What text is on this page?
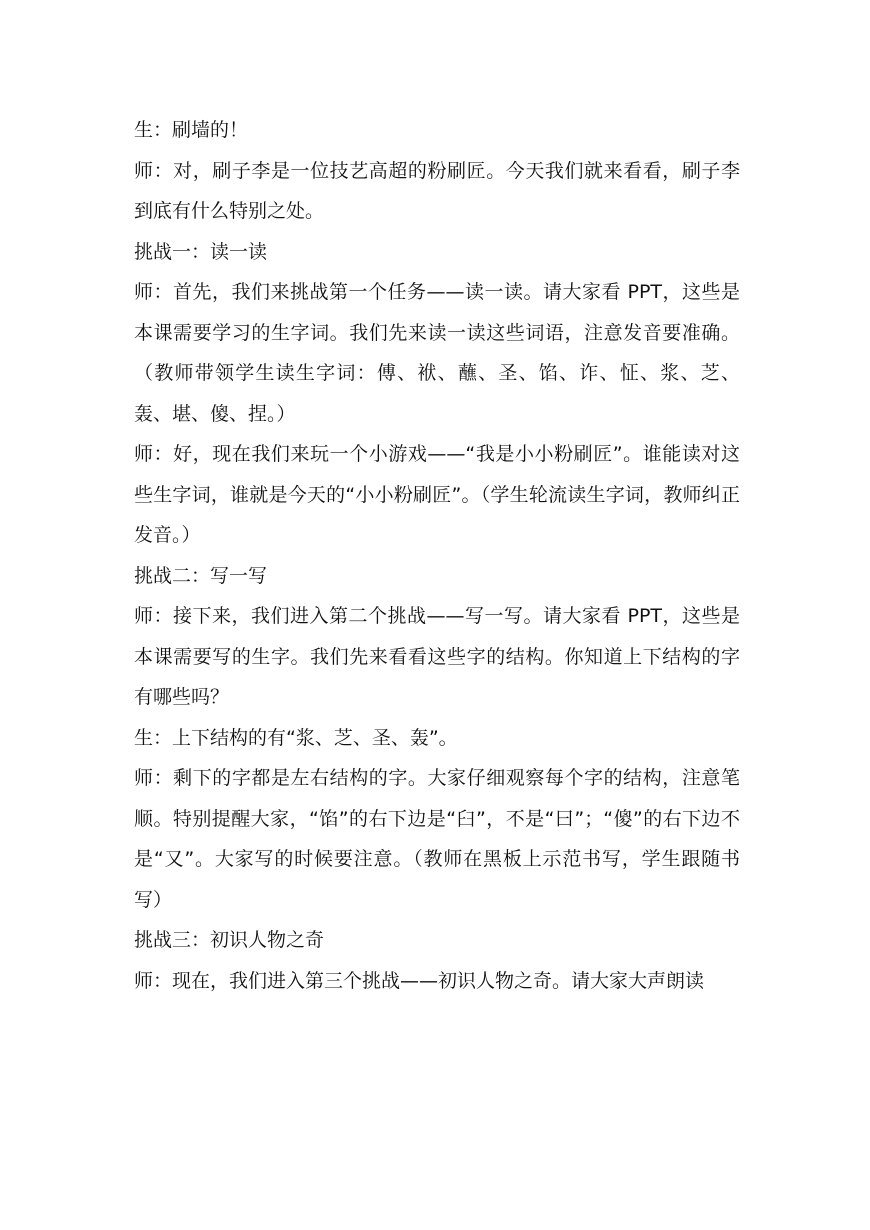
生：刷墙的！

师：对，刷子李是一位技艺高超的粉刷匠。今天我们就来看看，刷子李到底有什么特别之处。

挑战一：读一读

师：首先，我们来挑战第一个任务——读一读。请大家看 PPT，这些是本课需要学习的生字词。我们先来读一读这些词语，注意发音要准确。（教师带领学生读生字词：傅、袱、蘸、圣、馅、诈、怔、浆、芝、轰、堪、傻、捏。）

师：好，现在我们来玩一个小游戏——“我是小小粉刷匠”。谁能读对这些生字词，谁就是今天的“小小粉刷匠”。（学生轮流读生字词，教师纠正发音。）

挑战二：写一写

师：接下来，我们进入第二个挑战——写一写。请大家看 PPT，这些是本课需要写的生字。我们先来看看这些字的结构。你知道上下结构的字有哪些吗？

生：上下结构的有“浆、芝、圣、轰”。

师：剩下的字都是左右结构的字。大家仔细观察每个字的结构，注意笔顺。特别提醒大家，“馅”的右下边是“臼”，不是“曰”；“傻”的右下边不是“又”。大家写的时候要注意。（教师在黑板上示范书写，学生跟随书写）

挑战三：初识人物之奇

师：现在，我们进入第三个挑战——初识人物之奇。请大家大声朗读
